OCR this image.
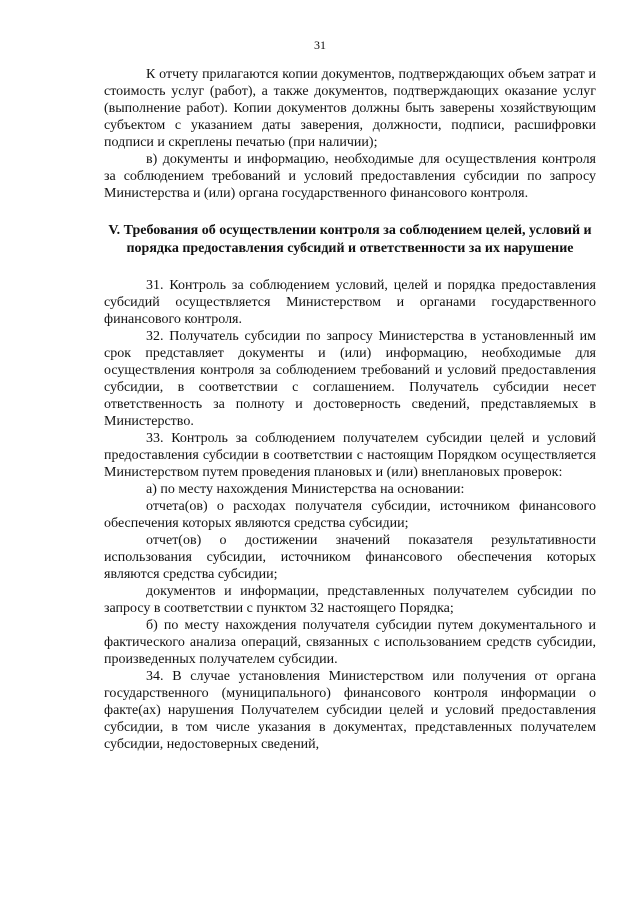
31

К отчету прилагаются копии документов, подтверждающих объем затрат и стоимость услуг (работ), а также документов, подтверждающих оказание услуг (выполнение работ). Копии документов должны быть заверены хозяйствующим субъектом с указанием даты заверения, должности, подписи, расшифровки подписи и скреплены печатью (при наличии);

в) документы и информацию, необходимые для осуществления контроля за соблюдением требований и условий предоставления субсидии по запросу Министерства и (или) органа государственного финансового контроля.

V. Требования об осуществлении контроля за соблюдением целей, условий и порядка предоставления субсидий и ответственности за их нарушение

31. Контроль за соблюдением условий, целей и порядка предоставления субсидий осуществляется Министерством и органами государственного финансового контроля.

32. Получатель субсидии по запросу Министерства в установленный им срок представляет документы и (или) информацию, необходимые для осуществления контроля за соблюдением требований и условий предоставления субсидии, в соответствии с соглашением. Получатель субсидии несет ответственность за полноту и достоверность сведений, представляемых в Министерство.

33. Контроль за соблюдением получателем субсидии целей и условий предоставления субсидии в соответствии с настоящим Порядком осуществляется Министерством путем проведения плановых и (или) внеплановых проверок:

а) по месту нахождения Министерства на основании:

отчета(ов) о расходах получателя субсидии, источником финансового обеспечения которых являются средства субсидии;

отчет(ов) о достижении значений показателя результативности использования субсидии, источником финансового обеспечения которых являются средства субсидии;

документов и информации, представленных получателем субсидии по запросу в соответствии с пунктом 32 настоящего Порядка;

б) по месту нахождения получателя субсидии путем документального и фактического анализа операций, связанных с использованием средств субсидии, произведенных получателем субсидии.

34. В случае установления Министерством или получения от органа государственного (муниципального) финансового контроля информации о факте(ах) нарушения Получателем субсидии целей и условий предоставления субсидии, в том числе указания в документах, представленных получателем субсидии, недостоверных сведений,
